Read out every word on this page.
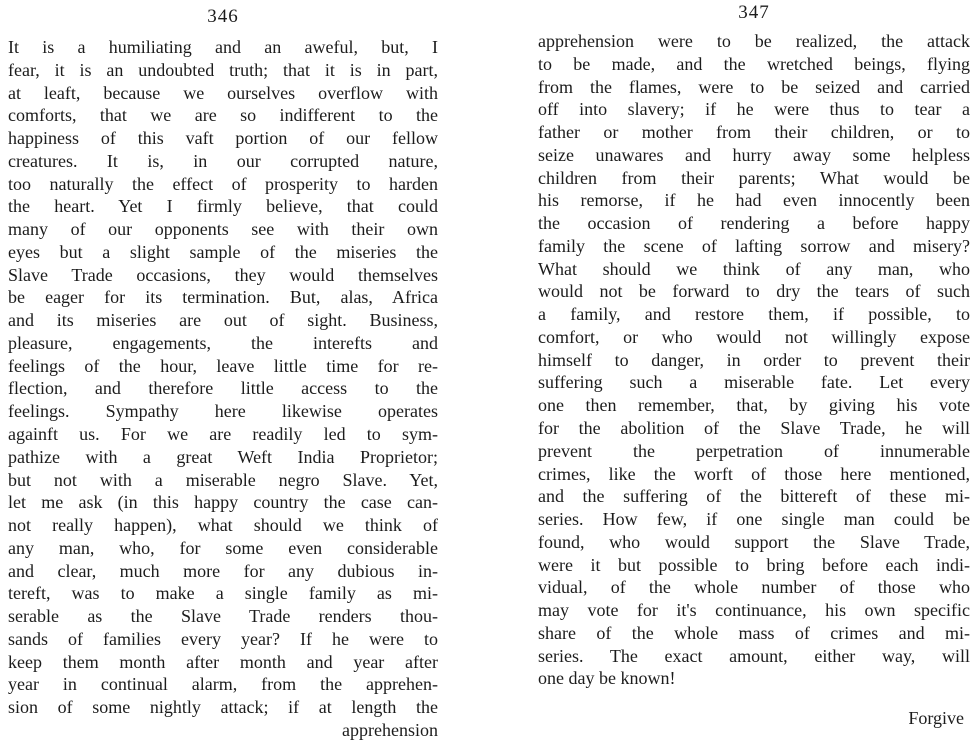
346
It is a humiliating and an aweful, but, I
fear, it is an undoubted truth; that it is in part,
at leaft, because we ourselves overflow with
comforts, that we are so indifferent to the
happiness of this vaft portion of our fellow
creatures. It is, in our corrupted nature,
too naturally the effect of prosperity to harden
the heart. Yet I firmly believe, that could
many of our opponents see with their own
eyes but a slight sample of the miseries the
Slave Trade occasions, they would themselves
be eager for its termination. But, alas, Africa
and its miseries are out of sight. Business,
pleasure, engagements, the interefts and
feelings of the hour, leave little time for re-
flection, and therefore little access to the
feelings. Sympathy here likewise operates
againft us. For we are readily led to sym-
pathize with a great Weft India Proprietor;
but not with a miserable negro Slave. Yet,
let me ask (in this happy country the case can-
not really happen), what should we think of
any man, who, for some even considerable
and clear, much more for any dubious in-
tereft, was to make a single family as mi-
serable as the Slave Trade renders thou-
sands of families every year? If he were to
keep them month after month and year after
year in continual alarm, from the apprehen-
sion of some nightly attack; if at length the
apprehension
347
apprehension were to be realized, the attack
to be made, and the wretched beings, flying
from the flames, were to be seized and carried
off into slavery; if he were thus to tear a
father or mother from their children, or to
seize unawares and hurry away some helpless
children from their parents; What would be
his remorse, if he had even innocently been
the occasion of rendering a before happy
family the scene of lafting sorrow and misery?
What should we think of any man, who
would not be forward to dry the tears of such
a family, and restore them, if possible, to
comfort, or who would not willingly expose
himself to danger, in order to prevent their
suffering such a miserable fate. Let every
one then remember, that, by giving his vote
for the abolition of the Slave Trade, he will
prevent the perpetration of innumerable
crimes, like the worft of those here mentioned,
and the suffering of the bittereft of these mi-
series. How few, if one single man could be
found, who would support the Slave Trade,
were it but possible to bring before each indi-
vidual, of the whole number of those who
may vote for it's continuance, his own specific
share of the whole mass of crimes and mi-
series. The exact amount, either way, will
one day be known!
Forgive
